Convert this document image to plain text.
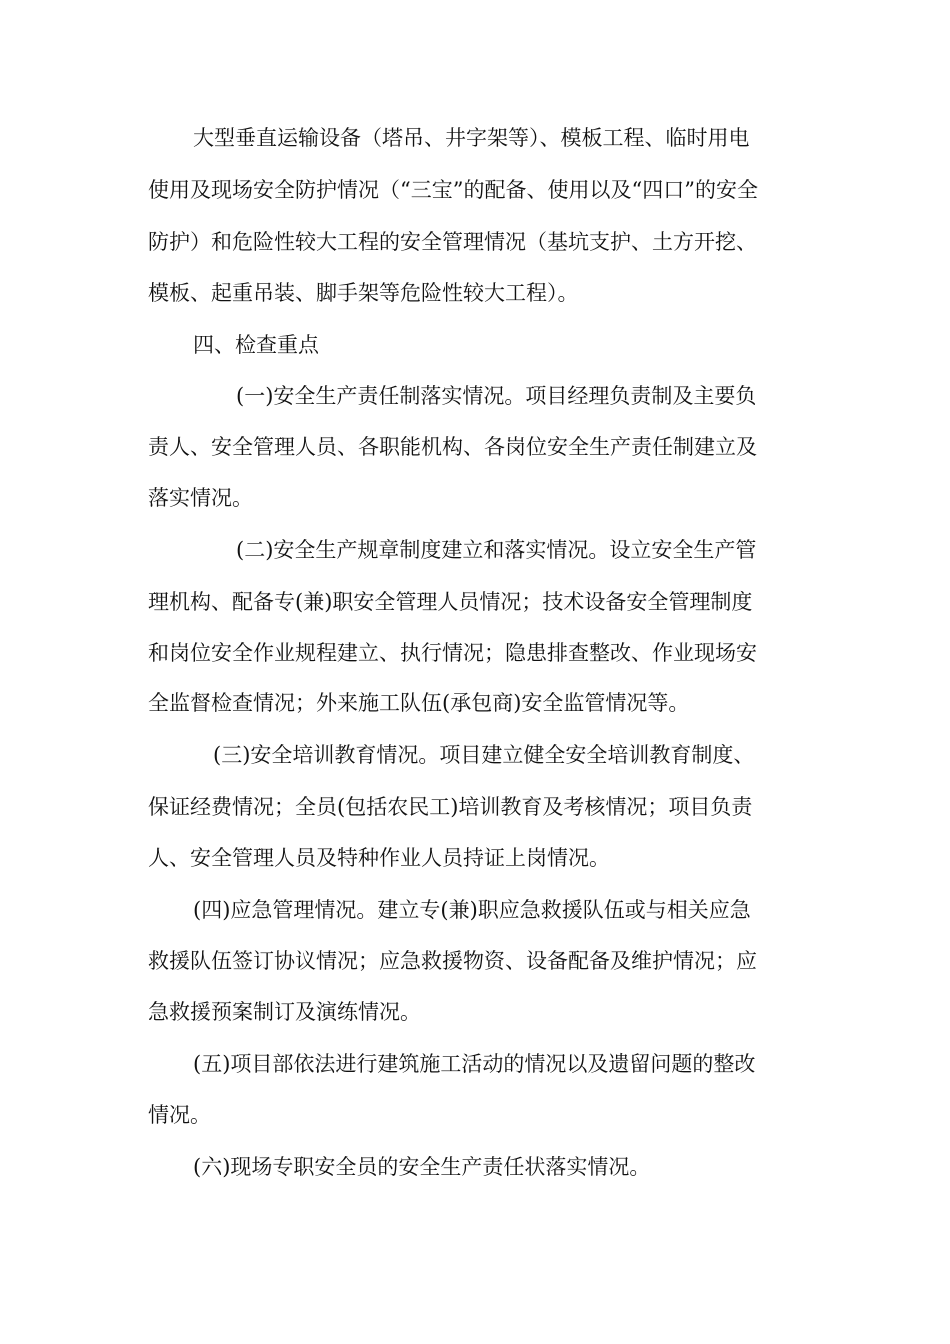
大型垂直运输设备（塔吊、井字架等）、模板工程、临时用电

使用及现场安全防护情况（“三宝”的配备、使用以及“四口”的安全

防护）和危险性较大工程的安全管理情况（基坑支护、土方开挖、

模板、起重吊装、脚手架等危险性较大工程）。

四、检查重点

(一)安全生产责任制落实情况。项目经理负责制及主要负

责人、安全管理人员、各职能机构、各岗位安全生产责任制建立及

落实情况。

(二)安全生产规章制度建立和落实情况。设立安全生产管

理机构、配备专(兼)职安全管理人员情况；技术设备安全管理制度

和岗位安全作业规程建立、执行情况；隐患排查整改、作业现场安

全监督检查情况；外来施工队伍(承包商)安全监管情况等。

(三)安全培训教育情况。项目建立健全安全培训教育制度、

保证经费情况；全员(包括农民工)培训教育及考核情况；项目负责

人、安全管理人员及特种作业人员持证上岗情况。

(四)应急管理情况。建立专(兼)职应急救援队伍或与相关应急

救援队伍签订协议情况；应急救援物资、设备配备及维护情况；应

急救援预案制订及演练情况。

(五)项目部依法进行建筑施工活动的情况以及遗留问题的整改

情况。

(六)现场专职安全员的安全生产责任状落实情况。
